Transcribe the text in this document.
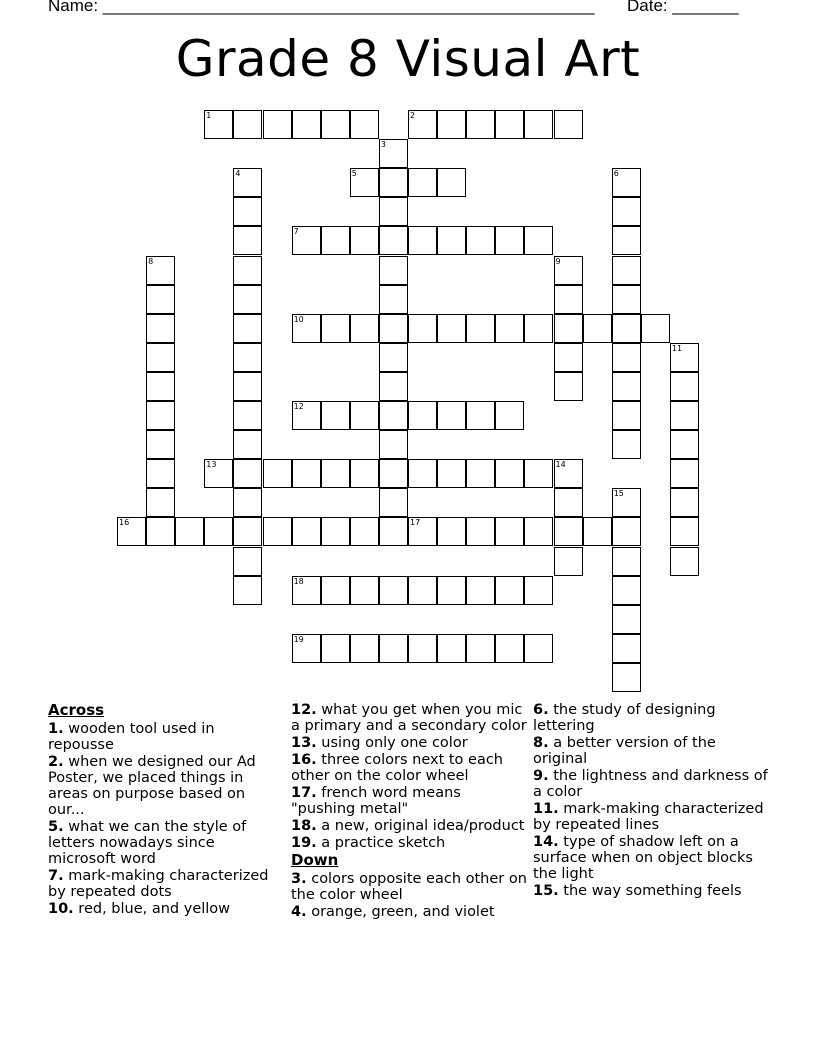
Name: ____________________________________________________ Date: _______
Grade 8 Visual Art
1	2
3
4	5	6
7
8	9
10
11
12
13	14
15
16	17
18
19
Across
1. wooden tool used in repousse
2. when we designed our Ad Poster, we placed things in areas on purpose based on our...
5. what we can the style of letters nowadays since microsoft word
7. mark-making characterized by repeated dots
10. red, blue, and yellow
12. what you get when you mic a primary and a secondary color
13. using only one color
16. three colors next to each other on the color wheel
17. french word means "pushing metal"
18. a new, original idea/product
19. a practice sketch
Down
3. colors opposite each other on the color wheel
4. orange, green, and violet
6. the study of designing lettering
8. a better version of the original
9. the lightness and darkness of a color
11. mark-making characterized by repeated lines
14. type of shadow left on a surface when on object blocks the light
15. the way something feels
